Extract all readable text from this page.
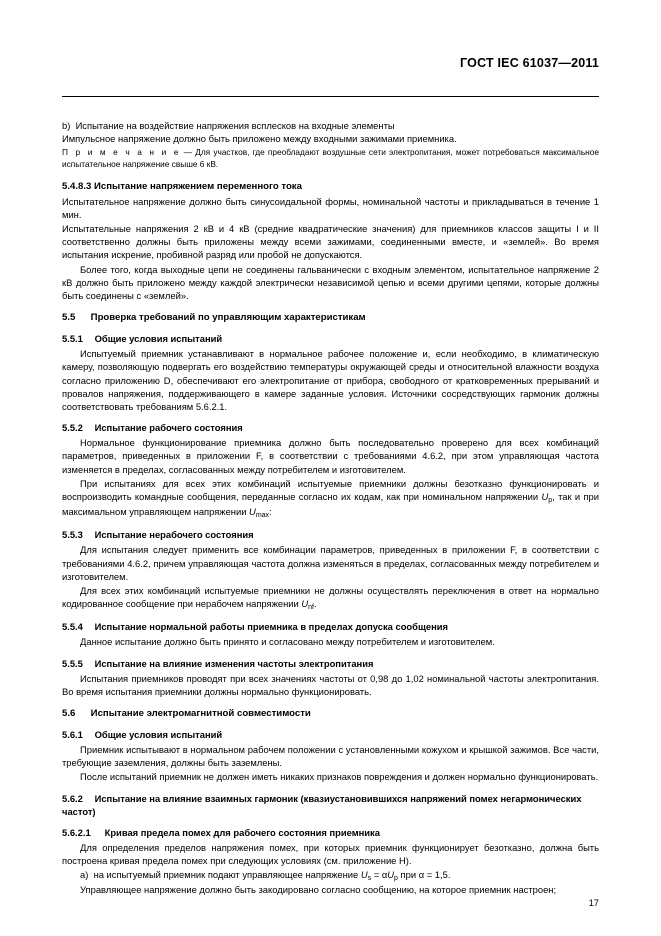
ГОСТ IEC 61037—2011

b) Испытание на воздействие напряжения всплесков на входные элементы

Импульсное напряжение должно быть приложено между входными зажимами приемника.

П р и м е ч а н и е — Для участков, где преобладают воздушные сети электропитания, может потребоваться максимальное испытательное напряжение свыше 6 кВ.

5.4.8.3 Испытание напряжением переменного тока

Испытательное напряжение должно быть синусоидальной формы, номинальной частоты и прикладываться в течение 1 мин.

Испытательные напряжения 2 кВ и 4 кВ (средние квадратические значения) для приемников классов защиты I и II соответственно должны быть приложены между всеми зажимами, соединенными вместе, и «землей». Во время испытания искрение, пробивной разряд или пробой не допускаются.

Более того, когда выходные цепи не соединены гальванически с входным элементом, испытательное напряжение 2 кВ должно быть приложено между каждой электрически независимой цепью и всеми другими цепями, которые должны быть соединены с «землей».

5.5 Проверка требований по управляющим характеристикам
5.5.1 Общие условия испытаний

Испытуемый приемник устанавливают в нормальное рабочее положение и, если необходимо, в климатическую камеру, позволяющую подвергать его воздействию температуры окружающей среды и относительной влажности воздуха согласно приложению D, обеспечивают его электропитание от прибора, свободного от кратковременных прерываний и провалов напряжения, поддерживающего в камере заданные условия. Источники сосредствующих гармоник должны соответствовать требованиям 5.6.2.1.

5.5.2 Испытание рабочего состояния

Нормальное функционирование приемника должно быть последовательно проверено для всех комбинаций параметров, приведенных в приложении F, в соответствии с требованиями 4.6.2, при этом управляющая частота изменяется в пределах, согласованных между потребителем и изготовителем.

При испытаниях для всех этих комбинаций испытуемые приемники должны безотказно функционировать и воспроизводить командные сообщения, переданные согласно их кодам, как при номинальном напряжении $U_p$, так и при максимальном управляющем напряжении $U_{max}$:

5.5.3 Испытание нерабочего состояния

Для испытания следует применить все комбинации параметров, приведенных в приложении F, в соответствии с требованиями 4.6.2, причем управляющая частота должна изменяться в пределах, согласованных между потребителем и изготовителем.

Для всех этих комбинаций испытуемые приемники не должны осуществлять переключения в ответ на нормально кодированное сообщение при нерабочем напряжении $U_{nf}$.

5.5.4 Испытание нормальной работы приемника в пределах допуска сообщения

Данное испытание должно быть принято и согласовано между потребителем и изготовителем.

5.5.5 Испытание на влияние изменения частоты электропитания

Испытания приемников проводят при всех значениях частоты от 0,98 до 1,02 номинальной частоты электропитания. Во время испытания приемники должны нормально функционировать.

5.6 Испытание электромагнитной совместимости
5.6.1 Общие условия испытаний

Приемник испытывают в нормальном рабочем положении с установленными кожухом и крышкой зажимов. Все части, требующие заземления, должны быть заземлены.

После испытаний приемник не должен иметь никаких признаков повреждения и должен нормально функционировать.

5.6.2 Испытание на влияние взаимных гармоник (квазиустановившихся напряжений помех негармонических частот)
5.6.2.1 Кривая предела помех для рабочего состояния приемника

Для определения пределов напряжения помех, при которых приемник функционирует безотказно, должна быть построена кривая предела помех при следующих условиях (см. приложение H).

a) на испытуемый приемник подают управляющее напряжение $U_s = \alpha U_p$ при α = 1,5.

Управляющее напряжение должно быть закодировано согласно сообщению, на которое приемник настроен;

17
